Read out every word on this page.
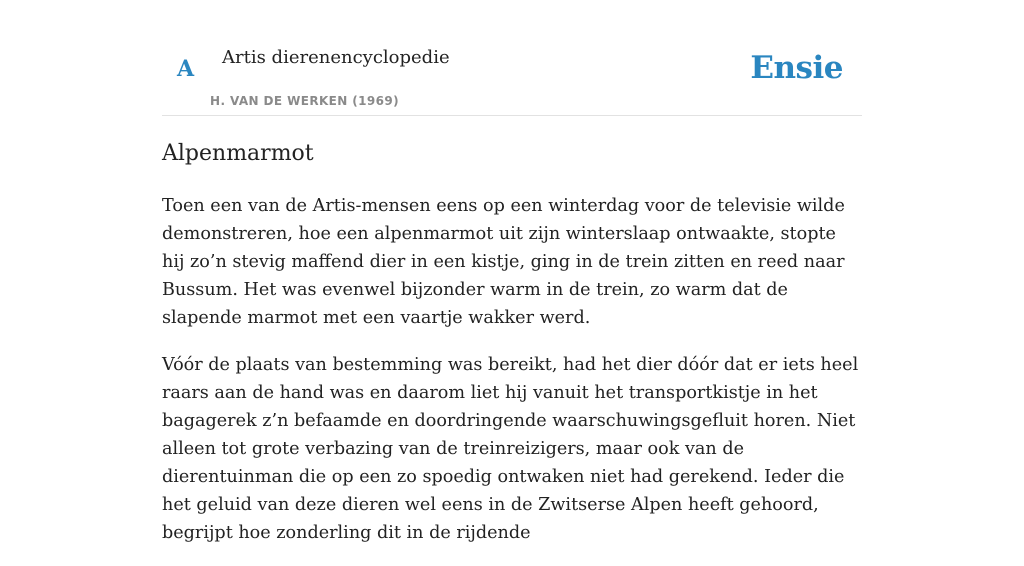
A Artis dierenencyclopedie
H. VAN DE WERKEN (1969)
Ensie
Alpenmarmot

Toen een van de Artis-mensen eens op een winterdag voor de televisie wilde demonstreren, hoe een alpenmarmot uit zijn winterslaap ontwaakte, stopte hij zo’n stevig maffend dier in een kistje, ging in de trein zitten en reed naar Bussum. Het was evenwel bijzonder warm in de trein, zo warm dat de slapende marmot met een vaartje wakker werd.

Vóór de plaats van bestemming was bereikt, had het dier dóór dat er iets heel raars aan de hand was en daarom liet hij vanuit het transportkistje in het bagagerek z’n befaamde en doordringende waarschuwingsgefluit horen. Niet alleen tot grote verbazing van de treinreizigers, maar ook van de dierentuinman die op een zo spoedig ontwaken niet had gerekend. Ieder die het geluid van deze dieren wel eens in de Zwitserse Alpen heeft gehoord, begrijpt hoe zonderling dit in de rijdende
